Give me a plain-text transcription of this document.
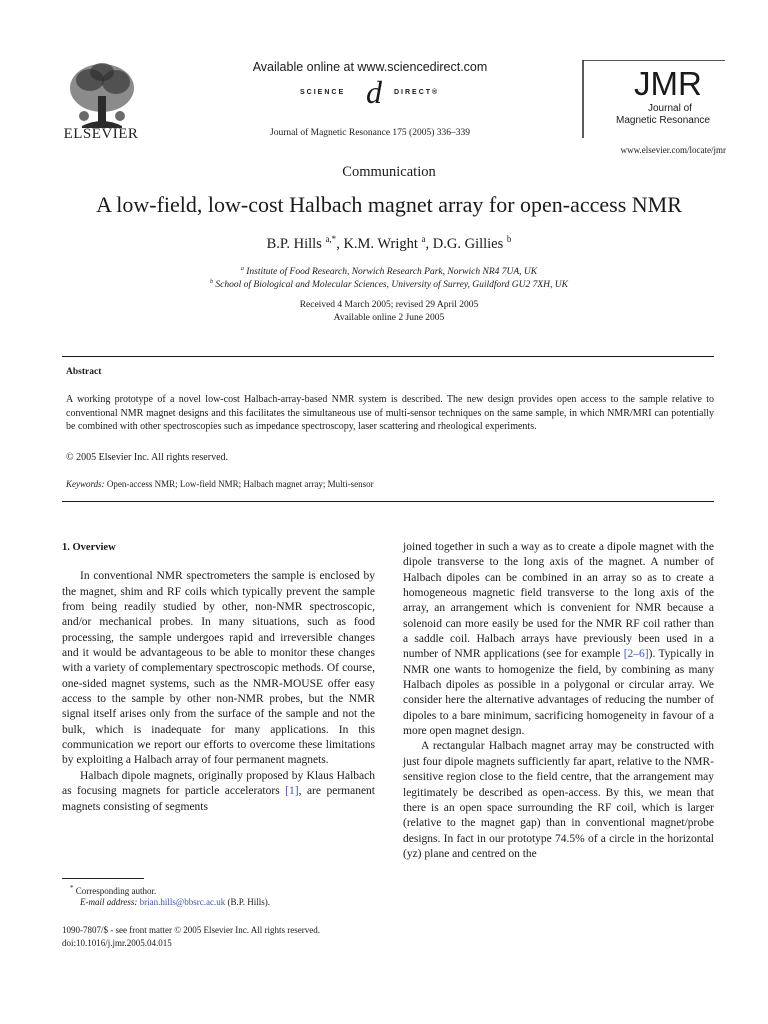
ELSEVIER
Available online at www.sciencedirect.com
SCIENCE d	DIRECT®
Journal of Magnetic Resonance 175 (2005) 336–339
JMR
Journal of
Magnetic Resonance
www.elsevier.com/locate/jmr
Communication
A low-field, low-cost Halbach magnet array for open-access NMR
B.P. Hills $^{a,*}$, K.M. Wright $^a$, D.G. Gillies $^b$
$^a$ Institute of Food Research, Norwich Research Park, Norwich NR4 7UA, UK
$^b$ School of Biological and Molecular Sciences, University of Surrey, Guildford GU2 7XH, UK
Received 4 March 2005; revised 29 April 2005
Available online 2 June 2005
Abstract
A working prototype of a novel low-cost Halbach-array-based NMR system is described. The new design provides open access to the sample relative to conventional NMR magnet designs and this facilitates the simultaneous use of multi-sensor techniques on the same sample, in which NMR/MRI can potentially be combined with other spectroscopies such as impedance spectroscopy, laser scattering and rheological experiments.
© 2005 Elsevier Inc. All rights reserved.
Keywords: Open-access NMR; Low-field NMR; Halbach magnet array; Multi-sensor
1. Overview

In conventional NMR spectrometers the sample is enclosed by the magnet, shim and RF coils which typically prevent the sample from being readily studied by other, non-NMR spectroscopic, and/or mechanical probes. In many situations, such as food processing, the sample undergoes rapid and irreversible changes and it would be advantageous to be able to monitor these changes with a variety of complementary spectroscopic methods. Of course, one-sided magnet systems, such as the NMR-MOUSE offer easy access to the sample by other non-NMR probes, but the NMR signal itself arises only from the surface of the sample and not the bulk, which is inadequate for many applications. In this communication we report our efforts to overcome these limitations by exploiting a Halbach array of four permanent magnets.

Halbach dipole magnets, originally proposed by Klaus Halbach as focusing magnets for particle accelerators [1], are permanent magnets consisting of segments

joined together in such a way as to create a dipole magnet with the dipole transverse to the long axis of the magnet. A number of Halbach dipoles can be combined in an array so as to create a homogeneous magnetic field transverse to the long axis of the array, an arrangement which is convenient for NMR because a solenoid can more easily be used for the NMR RF coil rather than a saddle coil. Halbach arrays have previously been used in a number of NMR applications (see for example [2–6]). Typically in NMR one wants to homogenize the field, by combining as many Halbach dipoles as possible in a polygonal or circular array. We consider here the alternative advantages of reducing the number of dipoles to a bare minimum, sacrificing homogeneity in favour of a more open magnet design.

A rectangular Halbach magnet array may be constructed with just four dipole magnets sufficiently far apart, relative to the NMR-sensitive region close to the field centre, that the arrangement may legitimately be described as open-access. By this, we mean that there is an open space surrounding the RF coil, which is larger (relative to the magnet gap) than in conventional magnet/probe designs. In fact in our prototype 74.5% of a circle in the horizontal (yz) plane and centred on the

* Corresponding author.
E-mail address: brian.hills@bbsrc.ac.uk (B.P. Hills).
1090-7807/$ - see front matter © 2005 Elsevier Inc. All rights reserved.
doi:10.1016/j.jmr.2005.04.015
